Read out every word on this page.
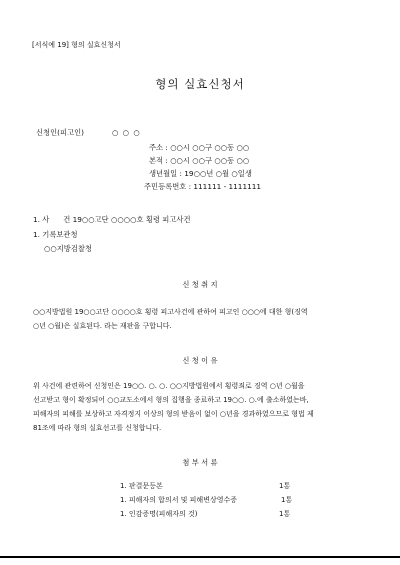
[서식예 19] 형의 실효신청서
형의 실효신청서
신청인(피고인)	○ ○ ○
주소 : ○○시 ○○구 ○○동 ○○
본적 : ○○시 ○○구 ○○동 ○○
생년월일 : 19○○년 ○월 ○일생
주민등록번호 : 111111 - 1111111
1. 사      건 19○○고단 ○○○○호 횡령 피고사건
1. 기록보관청
○○지방검찰청
신 청 취 지
○○지방법원 19○○고단 ○○○○호 횡령 피고사건에 관하여 피고인 ○○○에 대한 형(징역
○년 ○월)은 실효된다. 라는 재판을 구합니다.
신 청 이 유
위 사건에 관련하여 신청인은 19○○. ○. ○. ○○지방법원에서 횡령죄로 징역 ○년 ○월을
선고받고 형이 확정되어 ○○교도소에서 형의 집행을 종료하고 19○○. ○.에 출소하였는바,
피해자의 피해를 보상하고 자격정지 이상의 형의 받음이 없이 ○년을 경과하였으므로 형법 제
81조에 따라 형의 실효선고를 신청합니다.
첨 부 서 류
1. 판결문등본	1통
1. 피해자의 합의서 및 피해변상영수증	1통
1. 인감증명(피해자의 것)	1통
